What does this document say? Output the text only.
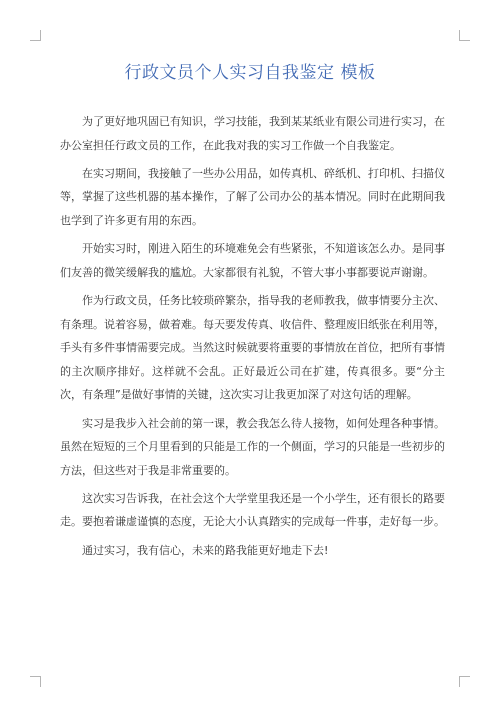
行政文员个人实习自我鉴定 模板

为了更好地巩固已有知识，学习技能，我到某某纸业有限公司进行实习，在办公室担任行政文员的工作，在此我对我的实习工作做一个自我鉴定。

在实习期间，我接触了一些办公用品，如传真机、碎纸机、打印机、扫描仪等，掌握了这些机器的基本操作，了解了公司办公的基本情况。同时在此期间我也学到了许多更有用的东西。

开始实习时，刚进入陌生的环境难免会有些紧张，不知道该怎么办。是同事们友善的微笑缓解我的尴尬。大家都很有礼貌，不管大事小事都要说声谢谢。

作为行政文员，任务比较琐碎繁杂，指导我的老师教我，做事情要分主次、有条理。说着容易，做着难。每天要发传真、收信件、整理废旧纸张在利用等，手头有多件事情需要完成。当然这时候就要将重要的事情放在首位，把所有事情的主次顺序排好。这样就不会乱。正好最近公司在扩建，传真很多。要“分主次，有条理”是做好事情的关键，这次实习让我更加深了对这句话的理解。

实习是我步入社会前的第一课，教会我怎么待人接物，如何处理各种事情。虽然在短短的三个月里看到的只能是工作的一个侧面，学习的只能是一些初步的方法，但这些对于我是非常重要的。

这次实习告诉我，在社会这个大学堂里我还是一个小学生，还有很长的路要走。要抱着谦虚谨慎的态度，无论大小认真踏实的完成每一件事，走好每一步。

通过实习，我有信心，未来的路我能更好地走下去!
